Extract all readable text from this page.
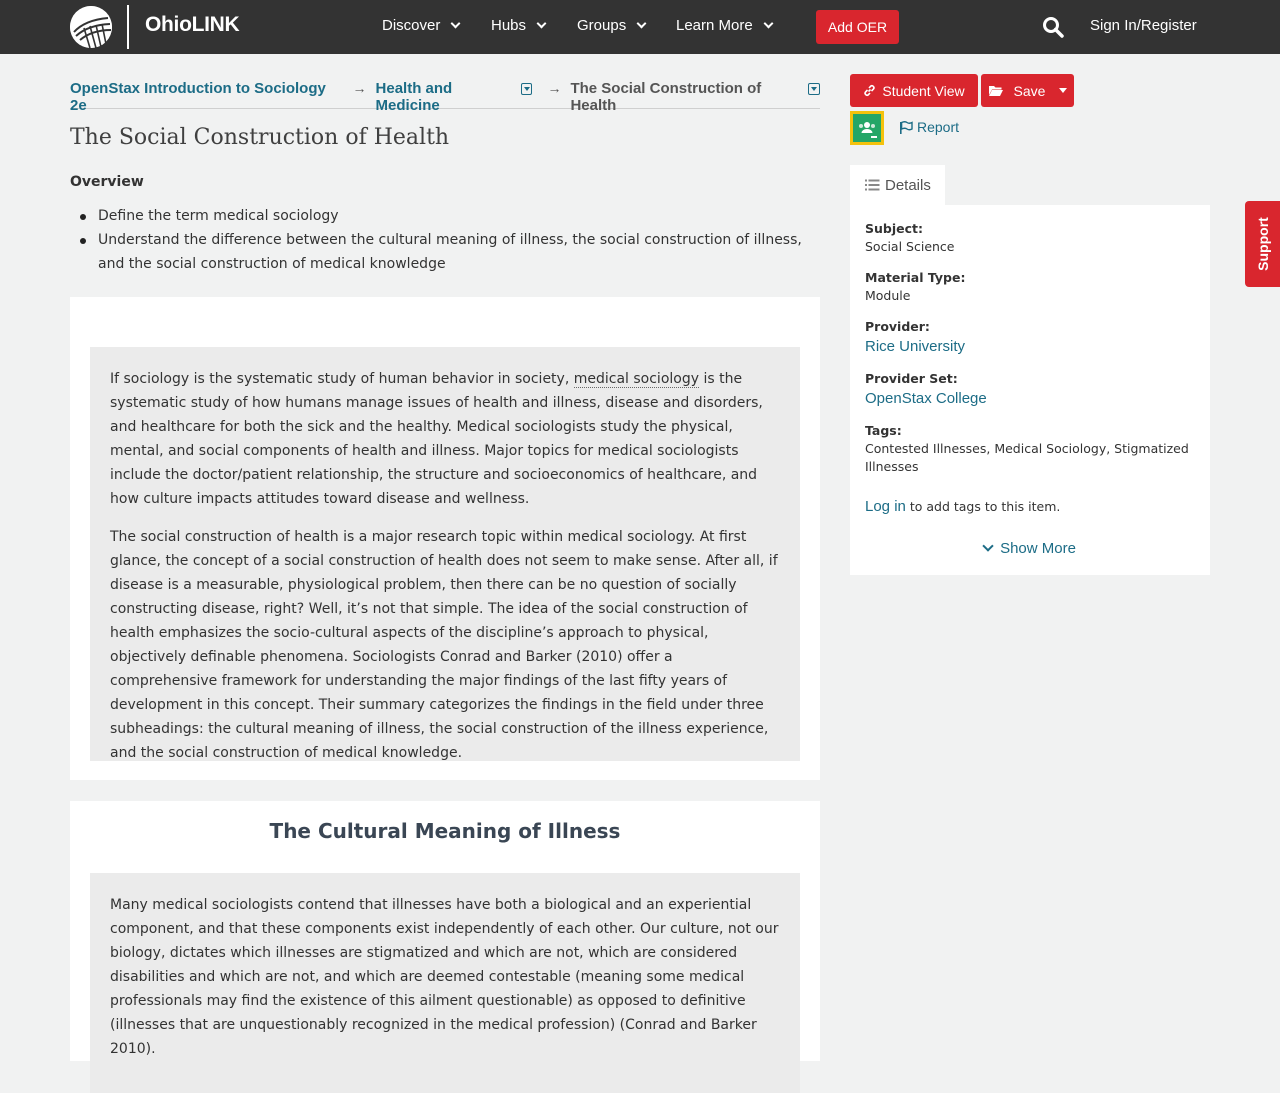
OhioLINK	Discover	Hubs	Groups	Learn More	Add OER	Sign In/Register
OpenStax Introduction to Sociology 2e
→ Health and Medicine
→ The Social Construction of Health
The Social Construction of Health
Overview
Define the term medical sociology
Understand the difference between the cultural meaning of illness, the social construction of illness, and the social construction of medical knowledge

If sociology is the systematic study of human behavior in society, medical sociology is the systematic study of how humans manage issues of health and illness, disease and disorders, and healthcare for both the sick and the healthy. Medical sociologists study the physical, mental, and social components of health and illness. Major topics for medical sociologists include the doctor/patient relationship, the structure and socioeconomics of healthcare, and how culture impacts attitudes toward disease and wellness.

The social construction of health is a major research topic within medical sociology. At first glance, the concept of a social construction of health does not seem to make sense. After all, if disease is a measurable, physiological problem, then there can be no question of socially constructing disease, right? Well, it’s not that simple. The idea of the social construction of health emphasizes the socio-cultural aspects of the discipline’s approach to physical, objectively definable phenomena. Sociologists Conrad and Barker (2010) offer a comprehensive framework for understanding the major findings of the last fifty years of development in this concept. Their summary categorizes the findings in the field under three subheadings: the cultural meaning of illness, the social construction of the illness experience, and the social construction of medical knowledge.

The Cultural Meaning of Illness

Many medical sociologists contend that illnesses have both a biological and an experiential component, and that these components exist independently of each other. Our culture, not our biology, dictates which illnesses are stigmatized and which are not, which are considered disabilities and which are not, and which are deemed contestable (meaning some medical professionals may find the existence of this ailment questionable) as opposed to definitive (illnesses that are unquestionably recognized in the medical profession) (Conrad and Barker 2010).

Student View	Save
Report
Details
Subject:
Social Science
Material Type:
Module
Provider:
Rice University
Provider Set:
OpenStax College
Tags:
Contested Illnesses, Medical Sociology, Stigmatized Illnesses
Log in to add tags to this item.
Show More
Support
